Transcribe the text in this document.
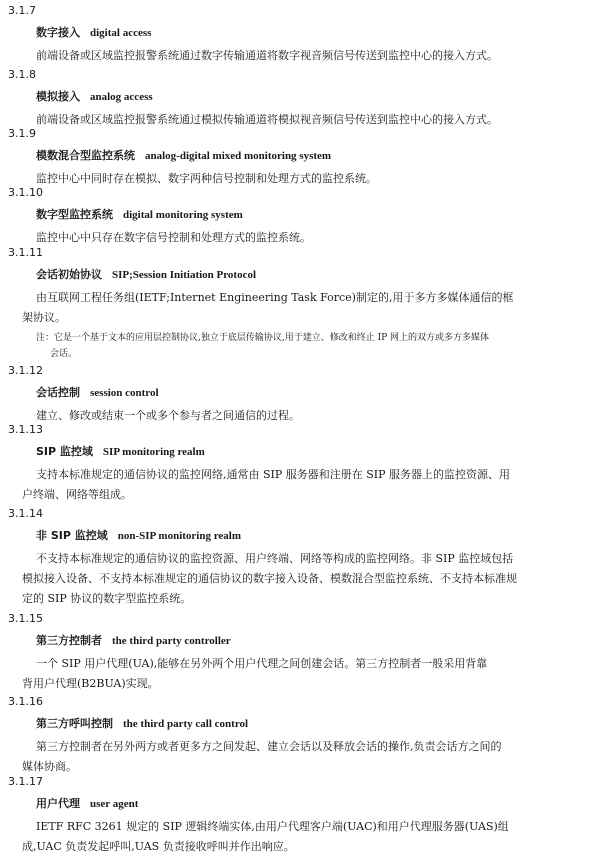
3.1.7
数字接入 digital access
前端设备或区域监控报警系统通过数字传输通道将数字视音频信号传送到监控中心的接入方式。
3.1.8
模拟接入 analog access
前端设备或区域监控报警系统通过模拟传输通道将模拟视音频信号传送到监控中心的接入方式。
3.1.9
模数混合型监控系统 analog-digital mixed monitoring system
监控中心中同时存在模拟、数字两种信号控制和处理方式的监控系统。
3.1.10
数字型监控系统 digital monitoring system
监控中心中只存在数字信号控制和处理方式的监控系统。
3.1.11
会话初始协议 SIP;Session Initiation Protocol
由互联网工程任务组(IETF;Internet Engineering Task Force)制定的,用于多方多媒体通信的框
架协议。
注：它是一个基于文本的应用层控制协议,独立于底层传输协议,用于建立、修改和终止 IP 网上的双方或多方多媒体
会话。
3.1.12
会话控制 session control
建立、修改或结束一个或多个参与者之间通信的过程。
3.1.13
SIP 监控域 SIP monitoring realm
支持本标准规定的通信协议的监控网络,通常由 SIP 服务器和注册在 SIP 服务器上的监控资源、用
户终端、网络等组成。
3.1.14
非 SIP 监控域 non-SIP monitoring realm
不支持本标准规定的通信协议的监控资源、用户终端、网络等构成的监控网络。非 SIP 监控域包括
模拟接入设备、不支持本标准规定的通信协议的数字接入设备、模数混合型监控系统、不支持本标准规
定的 SIP 协议的数字型监控系统。
3.1.15
第三方控制者 the third party controller
一个 SIP 用户代理(UA),能够在另外两个用户代理之间创建会话。第三方控制者一般采用背靠
背用户代理(B2BUA)实现。
3.1.16
第三方呼叫控制 the third party call control
第三方控制者在另外两方或者更多方之间发起、建立会话以及释放会话的操作,负责会话方之间的
媒体协商。
3.1.17
用户代理 user agent
IETF RFC 3261 规定的 SIP 逻辑终端实体,由用户代理客户端(UAC)和用户代理服务器(UAS)组
成,UAC 负责发起呼叫,UAS 负责接收呼叫并作出响应。
